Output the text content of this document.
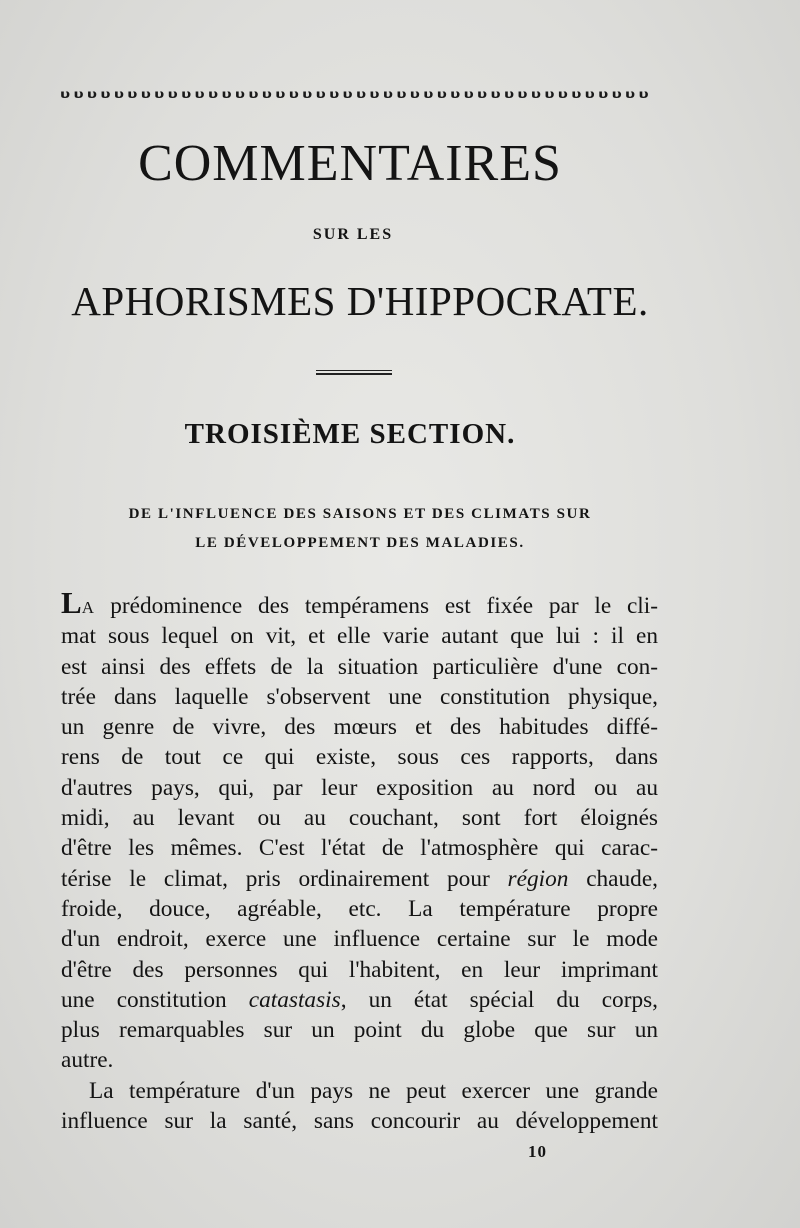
υ υ υ υ υ υ υ υ υ υ υ υ υ υ υ υ υ υ υ υ υ υ υ υ υ υ υ υ υ υ υ υ υ υ υ υ υ υ υ υ υ υ υ υ
COMMENTAIRES
SUR LES
APHORISMES D'HIPPOCRATE.
TROISIÈME SECTION.
DE L'INFLUENCE DES SAISONS ET DES CLIMATS SUR
LE DÉVELOPPEMENT DES MALADIES.
LA prédominence des tempéramens est fixée par le cli-
mat sous lequel on vit, et elle varie autant que lui : il en
est ainsi des effets de la situation particulière d'une con-
trée dans laquelle s'observent une constitution physique,
un genre de vivre, des mœurs et des habitudes diffé-
rens de tout ce qui existe, sous ces rapports, dans
d'autres pays, qui, par leur exposition au nord ou au
midi, au levant ou au couchant, sont fort éloignés
d'être les mêmes. C'est l'état de l'atmosphère qui carac-
térise le climat, pris ordinairement pour région chaude,
froide, douce, agréable, etc. La température propre
d'un endroit, exerce une influence certaine sur le mode
d'être des personnes qui l'habitent, en leur imprimant
une constitution catastasis, un état spécial du corps,
plus remarquables sur un point du globe que sur un
autre.
La température d'un pays ne peut exercer une grande
influence sur la santé, sans concourir au développement
10
